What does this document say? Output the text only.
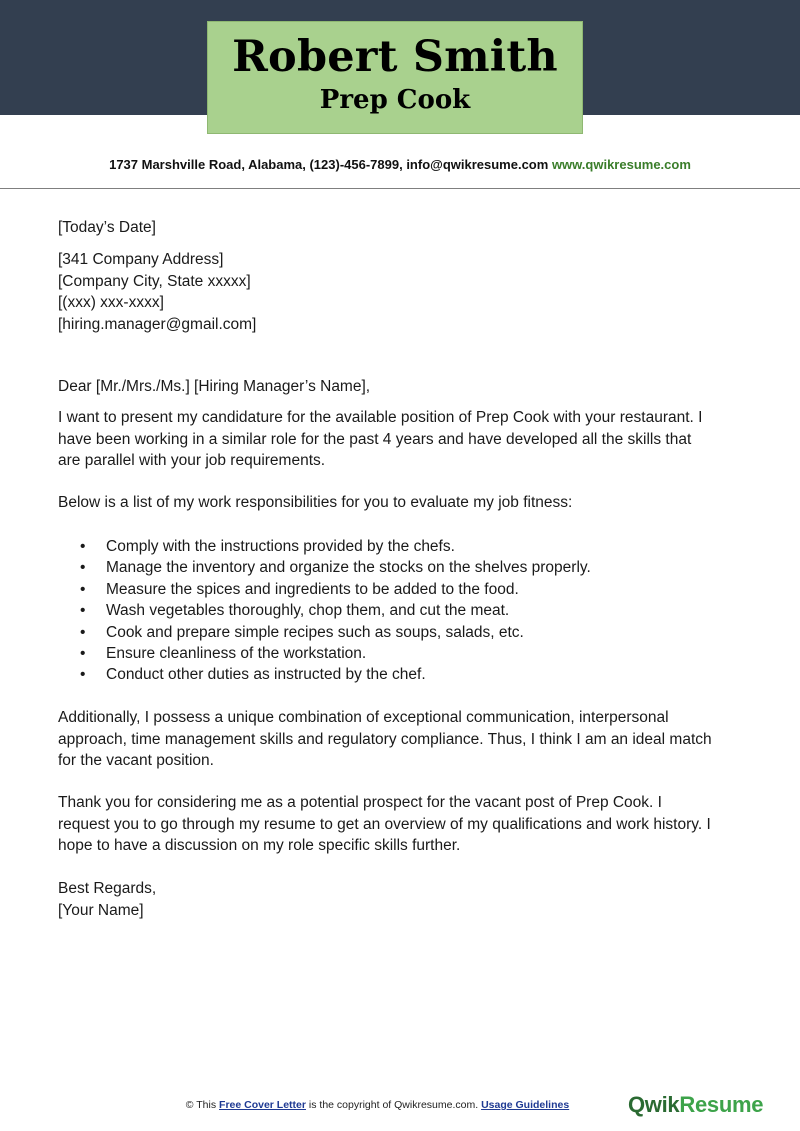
Robert Smith
Prep Cook
1737 Marshville Road, Alabama, (123)-456-7899, info@qwikresume.com www.qwikresume.com
[Today’s Date]
[341 Company Address]
[Company City, State xxxxx]
[(xxx) xxx-xxxx]
[hiring.manager@gmail.com]
Dear [Mr./Mrs./Ms.] [Hiring Manager’s Name],
I want to present my candidature for the available position of Prep Cook with your restaurant. I
have been working in a similar role for the past 4 years and have developed all the skills that
are parallel with your job requirements.
Below is a list of my work responsibilities for you to evaluate my job fitness:
• Comply with the instructions provided by the chefs.
• Manage the inventory and organize the stocks on the shelves properly.
• Measure the spices and ingredients to be added to the food.
• Wash vegetables thoroughly, chop them, and cut the meat.
• Cook and prepare simple recipes such as soups, salads, etc.
• Ensure cleanliness of the workstation.
• Conduct other duties as instructed by the chef.
Additionally, I possess a unique combination of exceptional communication, interpersonal
approach, time management skills and regulatory compliance. Thus, I think I am an ideal match
for the vacant position.
Thank you for considering me as a potential prospect for the vacant post of Prep Cook. I
request you to go through my resume to get an overview of my qualifications and work history. I
hope to have a discussion on my role specific skills further.
Best Regards,
[Your Name]
© This Free Cover Letter is the copyright of Qwikresume.com. Usage Guidelines	QwikResume
